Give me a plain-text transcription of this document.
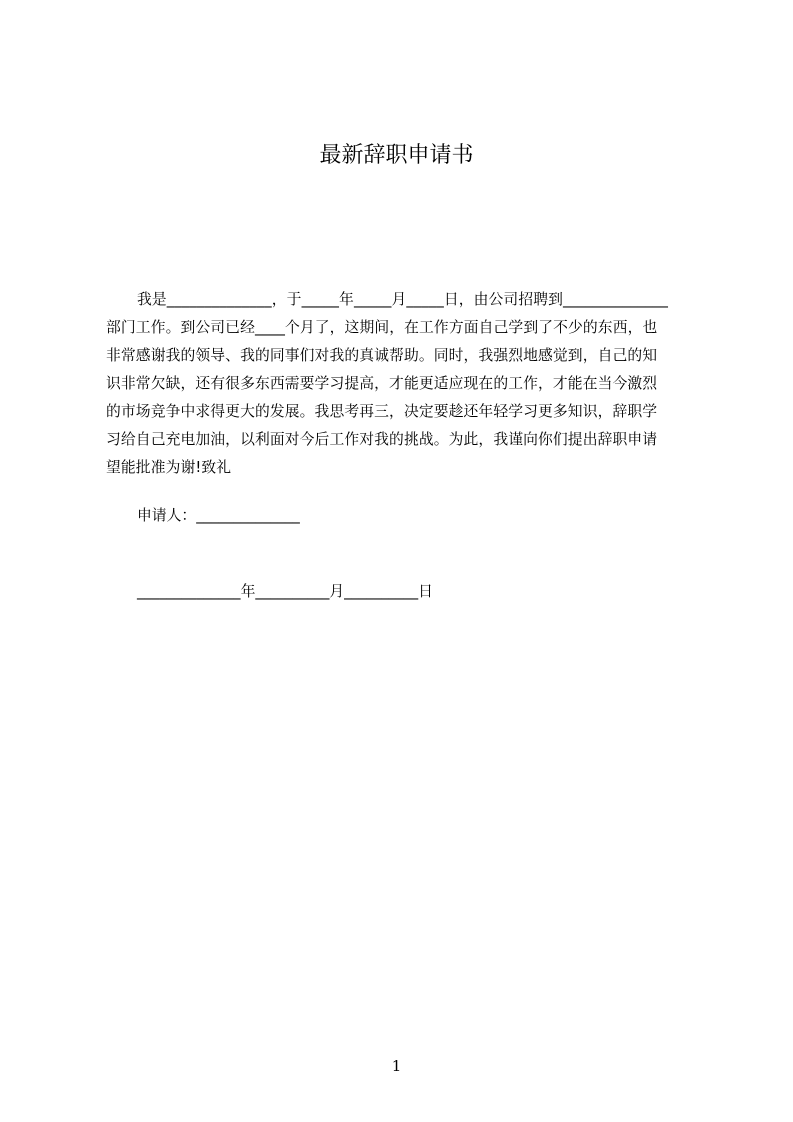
最新辞职申请书
我是______________，于_____年_____月_____日，由公司招聘到______________
部门工作。到公司已经____个月了，这期间，在工作方面自己学到了不少的东西，也
非常感谢我的领导、我的同事们对我的真诚帮助。同时，我强烈地感觉到，自己的知
识非常欠缺，还有很多东西需要学习提高，才能更适应现在的工作，才能在当今激烈
的市场竞争中求得更大的发展。我思考再三，决定要趁还年轻学习更多知识，辞职学
习给自己充电加油，以利面对今后工作对我的挑战。为此，我谨向你们提出辞职申请
望能批准为谢!致礼
申请人：______________
______________年__________月__________日
1
